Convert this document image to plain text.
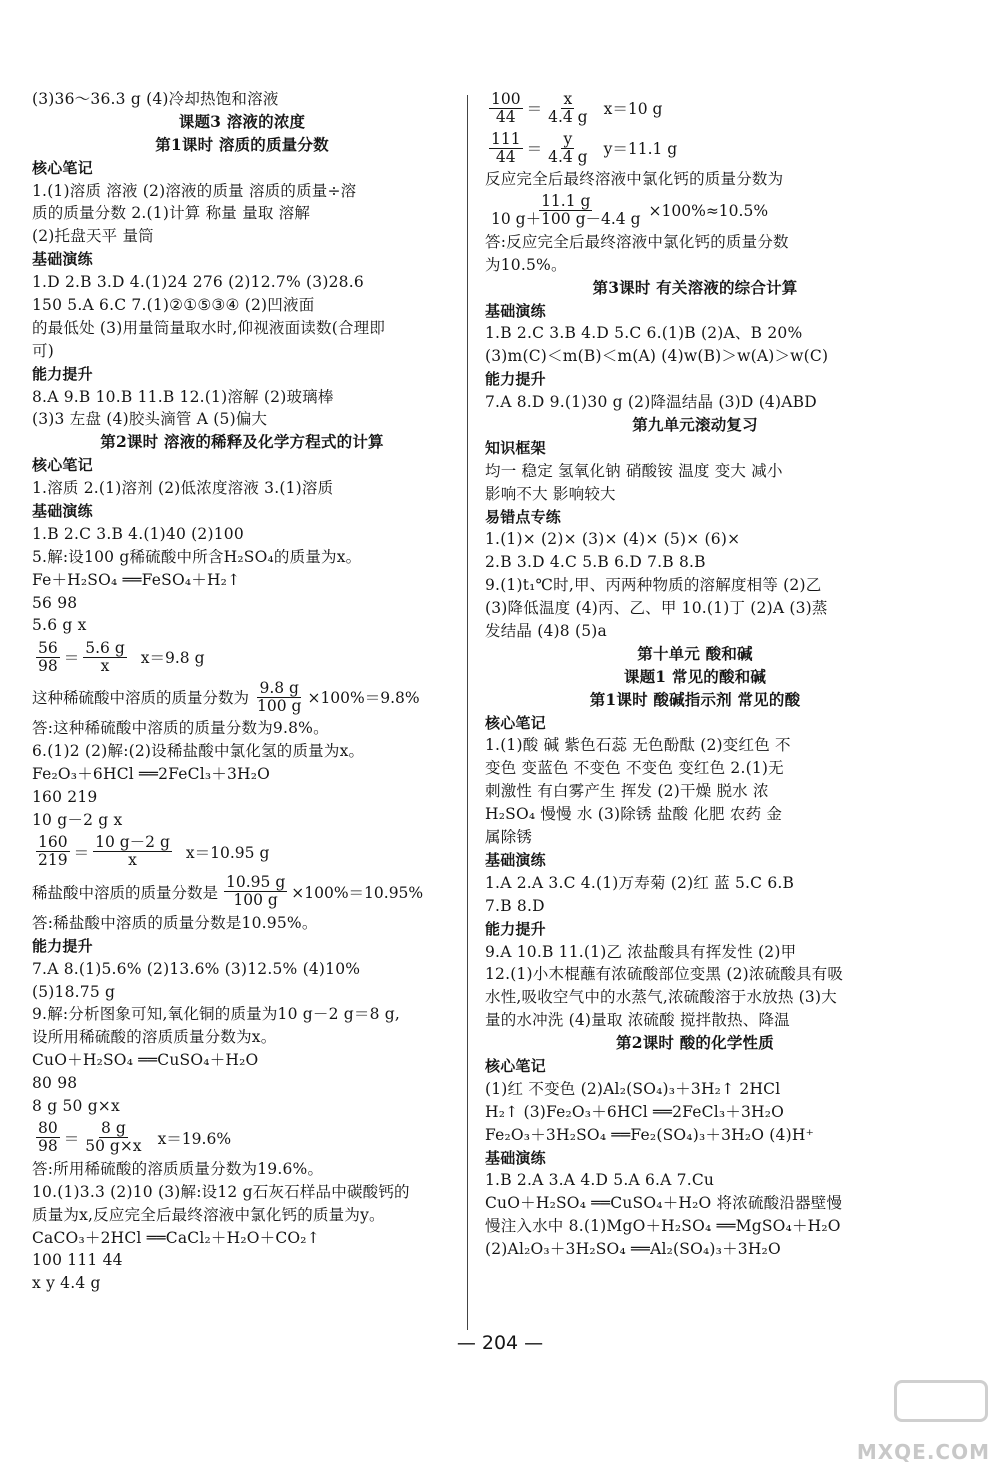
(3)36～36.3 g (4)冷却热饱和溶液
课题3 溶液的浓度
第1课时 溶质的质量分数
核心笔记
1.(1)溶质 溶液 (2)溶液的质量 溶质的质量÷溶
质的质量分数 2.(1)计算 称量 量取 溶解
(2)托盘天平 量筒
基础演练
1.D 2.B 3.D 4.(1)24 276 (2)12.7% (3)28.6
150 5.A 6.C 7.(1)②①⑤③④ (2)凹液面
的最低处 (3)用量筒量取水时,仰视液面读数(合理即
可)
能力提升
8.A 9.B 10.B 11.B 12.(1)溶解 (2)玻璃棒
(3)3 左盘 (4)胶头滴管 A (5)偏大
第2课时 溶液的稀释及化学方程式的计算
核心笔记
1.溶质 2.(1)溶剂 (2)低浓度溶液 3.(1)溶质
基础演练
1.B 2.C 3.B 4.(1)40 (2)100
5.解:设100 g稀硫酸中所含H₂SO₄的质量为x。
Fe＋H₂SO₄ ══FeSO₄＋H₂↑
56 98
5.6 g x
$\frac{56}{98} = \frac{5.6 g}{x} x=9.8$ g
这种稀硫酸中溶质的质量分数为 $\frac{9.8 g}{100 g} \times 100\%=9.8\%$
答:这种稀硫酸中溶质的质量分数为9.8%。
6.(1)2 (2)解:(2)设稀盐酸中氯化氢的质量为x。
Fe₂O₃＋6HCl ══2FeCl₃＋3H₂O
160 219
10 g－2 g x
$\frac{160}{219} = \frac{10 g-2 g}{x} x=10.95$ g
稀盐酸中溶质的质量分数是 $\frac{10.95 g}{100 g} \times 100\%=10.95\%$
答:稀盐酸中溶质的质量分数是10.95%。
能力提升
7.A 8.(1)5.6% (2)13.6% (3)12.5% (4)10%
(5)18.75 g
9.解:分析图象可知,氧化铜的质量为10 g－2 g＝8 g,
设所用稀硫酸的溶质质量分数为x。
CuO＋H₂SO₄ ══CuSO₄＋H₂O
80 98
8 g 50 g×x
$\frac{80}{98} = \frac{8 g}{50 g\times x} x=19.6\%$
答:所用稀硫酸的溶质质量分数为19.6%。
10.(1)3.3 (2)10 (3)解:设12 g石灰石样品中碳酸钙的
质量为x,反应完全后最终溶液中氯化钙的质量为y。
CaCO₃＋2HCl ══CaCl₂＋H₂O＋CO₂↑
100 111 44
x y 4.4 g
$\frac{100}{44} = \frac{x}{4.4 g} x=10$ g
$\frac{111}{44} = \frac{y}{4.4 g} y=11.1$ g
反应完全后最终溶液中氯化钙的质量分数为
$\frac{11.1 g}{10 g+100 g-4.4 g} \times 100\%\approx 10.5\%$
答:反应完全后最终溶液中氯化钙的质量分数
为10.5%。
第3课时 有关溶液的综合计算
基础演练
1.B 2.C 3.B 4.D 5.C 6.(1)B (2)A、B 20%
(3)m(C)＜m(B)＜m(A) (4)w(B)＞w(A)＞w(C)
能力提升
7.A 8.D 9.(1)30 g (2)降温结晶 (3)D (4)ABD
第九单元滚动复习
知识框架
均一 稳定 氢氧化钠 硝酸铵 温度 变大 减小
影响不大 影响较大
易错点专练
1.(1)× (2)× (3)× (4)× (5)× (6)×
2.B 3.D 4.C 5.B 6.D 7.B 8.B
9.(1)t₁℃时,甲、丙两种物质的溶解度相等 (2)乙
(3)降低温度 (4)丙、乙、甲 10.(1)丁 (2)A (3)蒸
发结晶 (4)8 (5)a
第十单元 酸和碱
课题1 常见的酸和碱
第1课时 酸碱指示剂 常见的酸
核心笔记
1.(1)酸 碱 紫色石蕊 无色酚酞 (2)变红色 不
变色 变蓝色 不变色 不变色 变红色 2.(1)无
刺激性 有白雾产生 挥发 (2)干燥 脱水 浓
H₂SO₄ 慢慢 水 (3)除锈 盐酸 化肥 农药 金
属除锈
基础演练
1.A 2.A 3.C 4.(1)万寿菊 (2)红 蓝 5.C 6.B
7.B 8.D
能力提升
9.A 10.B 11.(1)乙 浓盐酸具有挥发性 (2)甲
12.(1)小木棍蘸有浓硫酸部位变黑 (2)浓硫酸具有吸
水性,吸收空气中的水蒸气,浓硫酸溶于水放热 (3)大
量的水冲洗 (4)量取 浓硫酸 搅拌散热、降温
第2课时 酸的化学性质
核心笔记
(1)红 不变色 (2)Al₂(SO₄)₃＋3H₂↑ 2HCl
H₂↑ (3)Fe₂O₃＋6HCl ══2FeCl₃＋3H₂O
Fe₂O₃＋3H₂SO₄ ══Fe₂(SO₄)₃＋3H₂O (4)H⁺
基础演练
1.B 2.A 3.A 4.D 5.A 6.A 7.Cu
CuO＋H₂SO₄ ══CuSO₄＋H₂O 将浓硫酸沿器壁慢
慢注入水中 8.(1)MgO＋H₂SO₄ ══MgSO₄＋H₂O
(2)Al₂O₃＋3H₂SO₄ ══Al₂(SO₄)₃＋3H₂O
— 204 —
MXQE.COM
